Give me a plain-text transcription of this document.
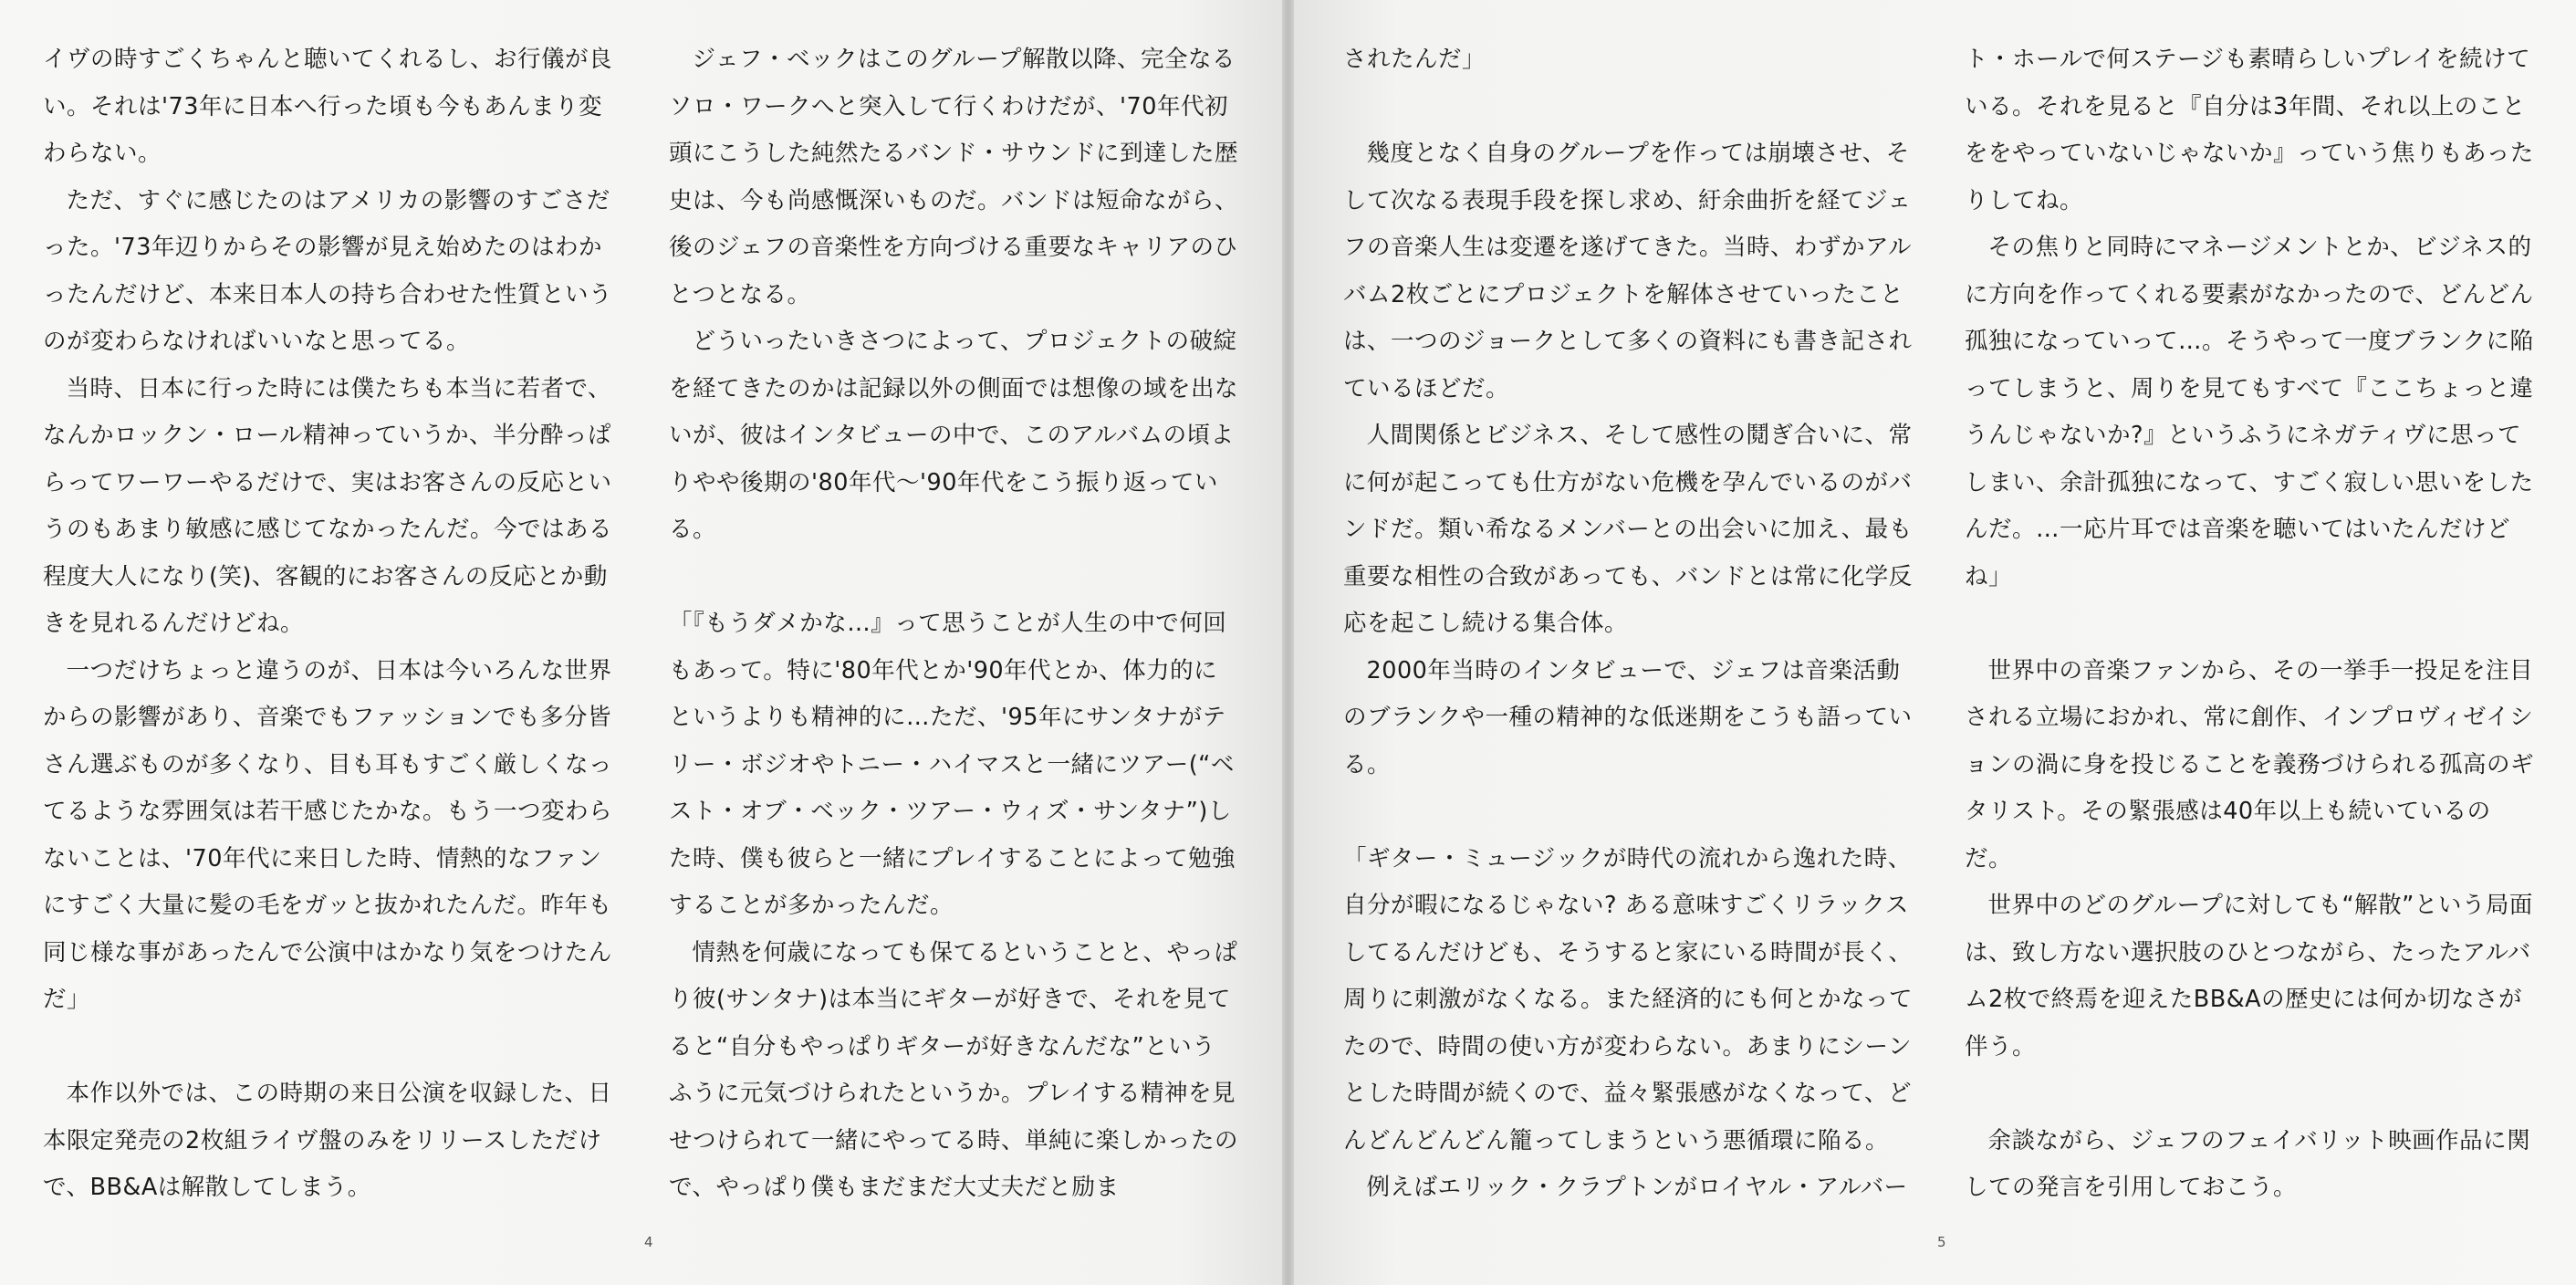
イヴの時すごくちゃんと聴いてくれるし、お行儀が良い。それは'73年に日本へ行った頃も今もあんまり変わらない。

ただ、すぐに感じたのはアメリカの影響のすごさだった。'73年辺りからその影響が見え始めたのはわかったんだけど、本来日本人の持ち合わせた性質というのが変わらなければいいなと思ってる。

当時、日本に行った時には僕たちも本当に若者で、なんかロックン・ロール精神っていうか、半分酔っぱらってワーワーやるだけで、実はお客さんの反応というのもあまり敏感に感じてなかったんだ。今ではある程度大人になり(笑)、客観的にお客さんの反応とか動きを見れるんだけどね。

一つだけちょっと違うのが、日本は今いろんな世界からの影響があり、音楽でもファッションでも多分皆さん選ぶものが多くなり、目も耳もすごく厳しくなってるような雰囲気は若干感じたかな。もう一つ変わらないことは、'70年代に来日した時、情熱的なファンにすごく大量に髪の毛をガッと抜かれたんだ。昨年も同じ様な事があったんで公演中はかなり気をつけたんだ」

本作以外では、この時期の来日公演を収録した、日本限定発売の2枚組ライヴ盤のみをリリースしただけで、BB&Aは解散してしまう。

ジェフ・ベックはこのグループ解散以降、完全なるソロ・ワークへと突入して行くわけだが、'70年代初頭にこうした純然たるバンド・サウンドに到達した歴史は、今も尚感慨深いものだ。バンドは短命ながら、後のジェフの音楽性を方向づける重要なキャリアのひとつとなる。

どういったいきさつによって、プロジェクトの破綻を経てきたのかは記録以外の側面では想像の域を出ないが、彼はインタビューの中で、このアルバムの頃よりやや後期の'80年代〜'90年代をこう振り返っている。

「『もうダメかな…』って思うことが人生の中で何回もあって。特に'80年代とか'90年代とか、体力的にというよりも精神的に…ただ、'95年にサンタナがテリー・ボジオやトニー・ハイマスと一緒にツアー(“ベスト・オブ・ベック・ツアー・ウィズ・サンタナ”)した時、僕も彼らと一緒にプレイすることによって勉強することが多かったんだ。

情熱を何歳になっても保てるということと、やっぱり彼(サンタナ)は本当にギターが好きで、それを見てると“自分もやっぱりギターが好きなんだな”というふうに元気づけられたというか。プレイする精神を見せつけられて一緒にやってる時、単純に楽しかったので、やっぱり僕もまだまだ大丈夫だと励ま

4

されたんだ」

幾度となく自身のグループを作っては崩壊させ、そして次なる表現手段を探し求め、紆余曲折を経てジェフの音楽人生は変遷を遂げてきた。当時、わずかアルバム2枚ごとにプロジェクトを解体させていったことは、一つのジョークとして多くの資料にも書き記されているほどだ。

人間関係とビジネス、そして感性の鬩ぎ合いに、常に何が起こっても仕方がない危機を孕んでいるのがバンドだ。類い希なるメンバーとの出会いに加え、最も重要な相性の合致があっても、バンドとは常に化学反応を起こし続ける集合体。

2000年当時のインタビューで、ジェフは音楽活動のブランクや一種の精神的な低迷期をこうも語っている。

「ギター・ミュージックが時代の流れから逸れた時、自分が暇になるじゃない? ある意味すごくリラックスしてるんだけども、そうすると家にいる時間が長く、周りに刺激がなくなる。また経済的にも何とかなってたので、時間の使い方が変わらない。あまりにシーンとした時間が続くので、益々緊張感がなくなって、どんどんどんどん籠ってしまうという悪循環に陥る。

例えばエリック・クラプトンがロイヤル・アルバー

ト・ホールで何ステージも素晴らしいプレイを続けている。それを見ると『自分は3年間、それ以上のことををやっていないじゃないか』っていう焦りもあったりしてね。

その焦りと同時にマネージメントとか、ビジネス的に方向を作ってくれる要素がなかったので、どんどん孤独になっていって…。そうやって一度ブランクに陥ってしまうと、周りを見てもすべて『ここちょっと違うんじゃないか?』というふうにネガティヴに思ってしまい、余計孤独になって、すごく寂しい思いをしたんだ。…一応片耳では音楽を聴いてはいたんだけどね」

世界中の音楽ファンから、その一挙手一投足を注目される立場におかれ、常に創作、インプロヴィゼイションの渦に身を投じることを義務づけられる孤高のギタリスト。その緊張感は40年以上も続いているのだ。

世界中のどのグループに対しても“解散”という局面は、致し方ない選択肢のひとつながら、たったアルバム2枚で終焉を迎えたBB&Aの歴史には何か切なさが伴う。

余談ながら、ジェフのフェイバリット映画作品に関しての発言を引用しておこう。

5
